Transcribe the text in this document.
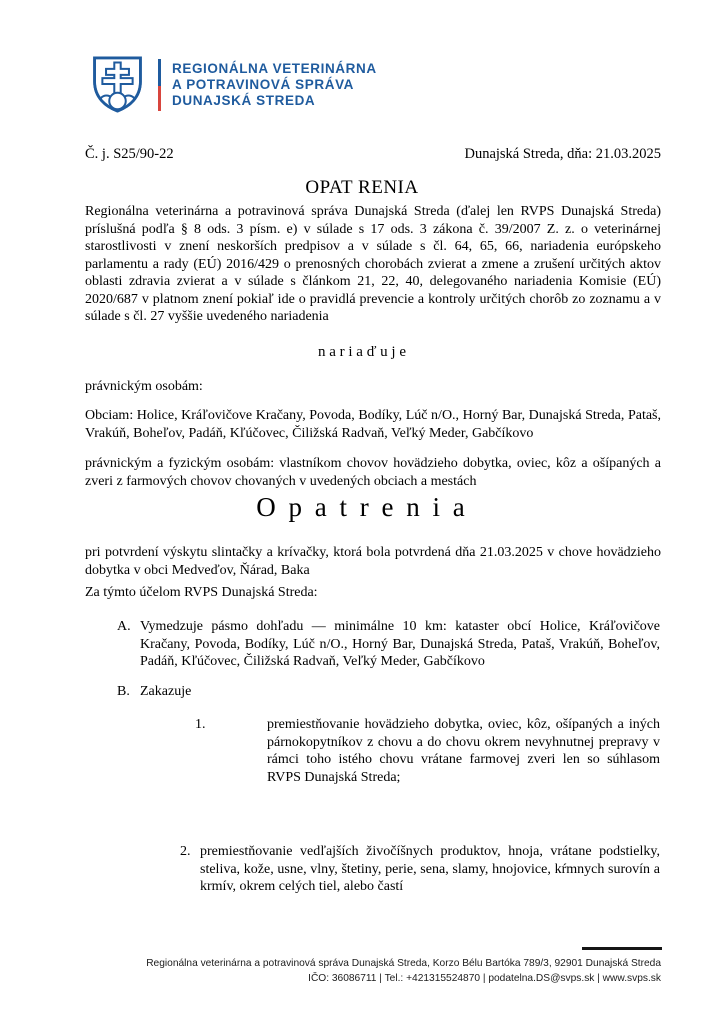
REGIONÁLNA VETERINÁRNA
A POTRAVINOVÁ SPRÁVA
DUNAJSKÁ STREDA
Č. j. S25/90-22	Dunajská Streda, dňa: 21.03.2025
OPAT RENIA
Regionálna veterinárna a potravinová správa Dunajská Streda (ďalej len RVPS Dunajská Streda) príslušná podľa § 8 ods. 3 písm. e) v súlade s 17 ods. 3 zákona č. 39/2007 Z. z. o veterinárnej starostlivosti v znení neskorších predpisov a v súlade s čl. 64, 65, 66, nariadenia európskeho parlamentu a rady (EÚ) 2016/429 o prenosných chorobách zvierat a zmene a zrušení určitých aktov oblasti zdravia zvierat a v súlade s článkom 21, 22, 40, delegovaného nariadenia Komisie (EÚ) 2020/687 v platnom znení pokiaľ ide o pravidlá prevencie a kontroly určitých chorôb zo zoznamu a v súlade s čl. 27 vyššie uvedeného nariadenia
n a r i a ď u j e
právnickým osobám:
Obciam: Holice, Kráľovičove Kračany, Povoda, Bodíky, Lúč n/O., Horný Bar, Dunajská Streda, Pataš, Vrakúň, Boheľov, Padáň, Kľúčovec, Čiližská Radvaň, Veľký Meder, Gabčíkovo
právnickým a fyzickým osobám: vlastníkom chovov hovädzieho dobytka, oviec, kôz a ošípaných a zveri z farmových chovov chovaných v uvedených obciach a mestách
O p a t r e n i a
pri potvrdení výskytu slintačky a krívačky, ktorá bola potvrdená dňa 21.03.2025 v chove hovädzieho dobytka v obci Medveďov, Ňárad, Baka
Za týmto účelom RVPS Dunajská Streda:
A. Vymedzuje pásmo dohľadu — minimálne 10 km: kataster obcí Holice, Kráľovičove Kračany, Povoda, Bodíky, Lúč n/O., Horný Bar, Dunajská Streda, Pataš, Vrakúň, Boheľov, Padáň, Kľúčovec, Čiližská Radvaň, Veľký Meder, Gabčíkovo
B. Zakazuje
1.	premiestňovanie hovädzieho dobytka, oviec, kôz, ošípaných a iných párnokopytníkov z chovu a do chovu okrem nevyhnutnej prepravy v rámci toho istého chovu vrátane farmovej zveri len so súhlasom RVPS Dunajská Streda;
2. premiestňovanie vedľajších živočíšnych produktov, hnoja, vrátane podstielky, steliva, kože, usne, vlny, štetiny, perie, sena, slamy, hnojovice, kŕmnych surovín a krmív, okrem celých tiel, alebo častí
Regionálna veterinárna a potravinová správa Dunajská Streda, Korzo Bélu Bartóka 789/3, 92901 Dunajská Streda
IČO: 36086711 | Tel.: +421315524870 | podatelna.DS@svps.sk | www.svps.sk
